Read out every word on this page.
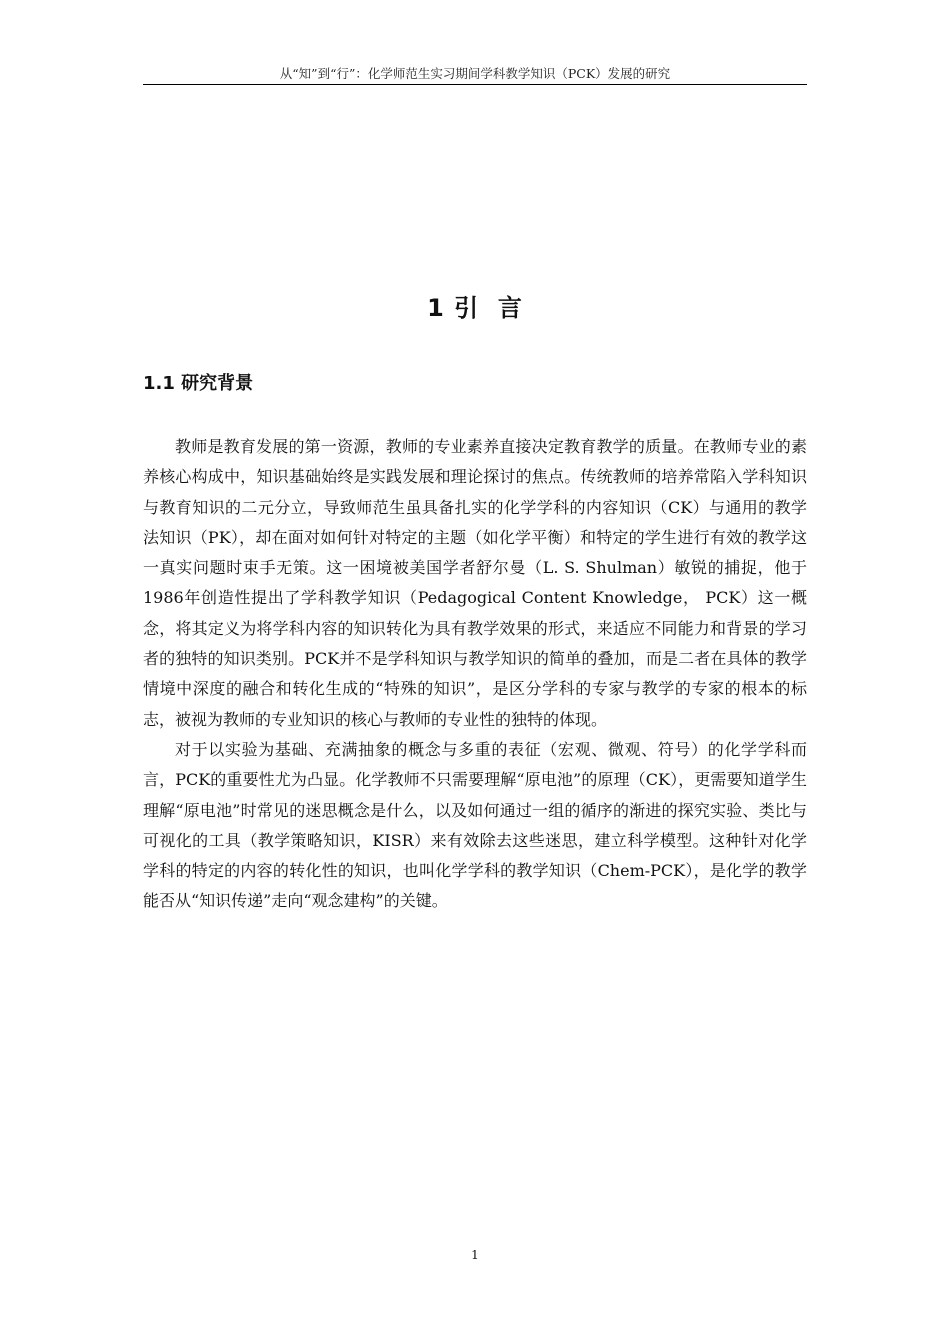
从“知”到“行”：化学师范生实习期间学科教学知识（PCK）发展的研究
1 引  言
1.1 研究背景

教师是教育发展的第一资源，教师的专业素养直接决定教育教学的质量。在教师专业的素养核心构成中，知识基础始终是实践发展和理论探讨的焦点。传统教师的培养常陷入学科知识与教育知识的二元分立，导致师范生虽具备扎实的化学学科的内容知识（CK）与通用的教学法知识（PK），却在面对如何针对特定的主题（如化学平衡）和特定的学生进行有效的教学这一真实问题时束手无策。这一困境被美国学者舒尔曼（L. S. Shulman）敏锐的捕捉，他于1986年创造性提出了学科教学知识（Pedagogical Content Knowledge， PCK）这一概念，将其定义为将学科内容的知识转化为具有教学效果的形式，来适应不同能力和背景的学习者的独特的知识类别。PCK并不是学科知识与教学知识的简单的叠加，而是二者在具体的教学情境中深度的融合和转化生成的“特殊的知识”，是区分学科的专家与教学的专家的根本的标志，被视为教师的专业知识的核心与教师的专业性的独特的体现。

对于以实验为基础、充满抽象的概念与多重的表征（宏观、微观、符号）的化学学科而言，PCK的重要性尤为凸显。化学教师不只需要理解“原电池”的原理（CK），更需要知道学生理解“原电池”时常见的迷思概念是什么，以及如何通过一组的循序的渐进的探究实验、类比与可视化的工具（教学策略知识，KISR）来有效除去这些迷思，建立科学模型。这种针对化学学科的特定的内容的转化性的知识，也叫化学学科的教学知识（Chem-PCK），是化学的教学能否从“知识传递”走向“观念建构”的关键。

1
